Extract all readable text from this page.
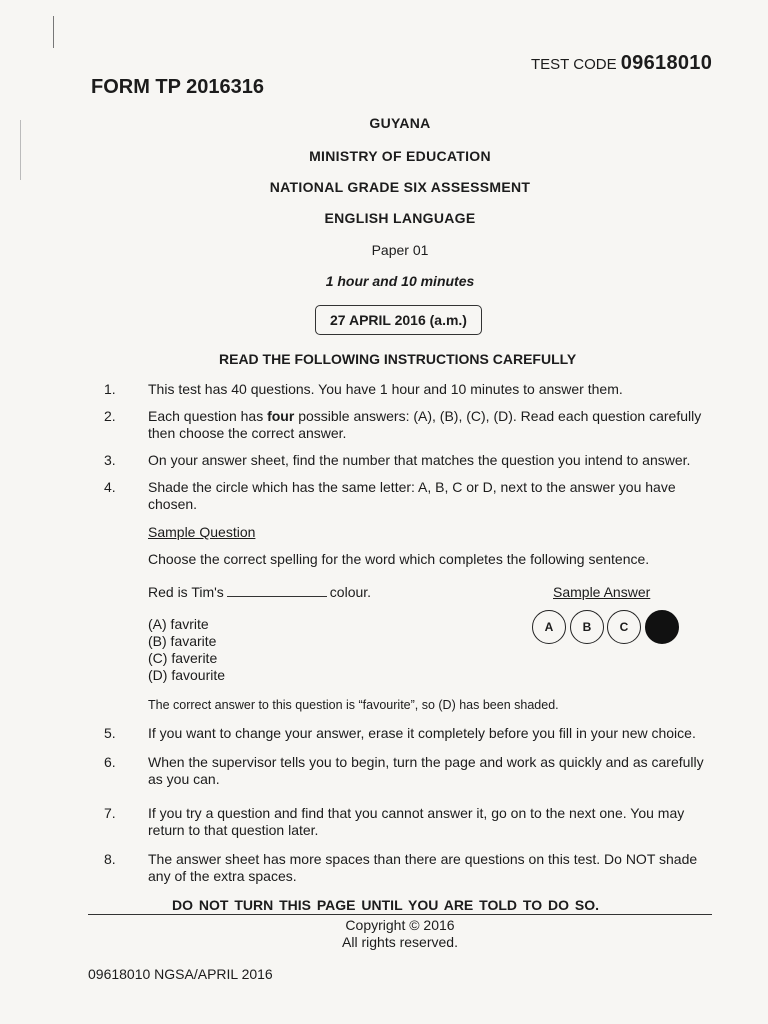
TEST CODE 09618010
FORM TP 2016316
GUYANA
MINISTRY OF EDUCATION
NATIONAL GRADE SIX ASSESSMENT
ENGLISH LANGUAGE
Paper 01
1 hour and 10 minutes
27 APRIL 2016 (a.m.)
READ THE FOLLOWING INSTRUCTIONS CAREFULLY
1.	This test has 40 questions. You have 1 hour and 10 minutes to answer them.
2.	Each question has four possible answers: (A), (B), (C), (D). Read each question carefully then choose the correct answer.
3.	On your answer sheet, find the number that matches the question you intend to answer.
4.	Shade the circle which has the same letter: A, B, C or D, next to the answer you have chosen.
Sample Question
Choose the correct spelling for the word which completes the following sentence.
Red is Tim's	colour.	Sample Answer
(A) favrite
(B) favarite
(C) faverite
(D) favourite
A	B	C
The correct answer to this question is “favourite”, so (D) has been shaded.
5.	If you want to change your answer, erase it completely before you fill in your new choice.
6.	When the supervisor tells you to begin, turn the page and work as quickly and as carefully as you can.
7.	If you try a question and find that you cannot answer it, go on to the next one. You may return to that question later.
8.	The answer sheet has more spaces than there are questions on this test. Do NOT shade any of the extra spaces.
DO NOT TURN THIS PAGE UNTIL YOU ARE TOLD TO DO SO.
Copyright © 2016
All rights reserved.
09618010 NGSA/APRIL 2016
